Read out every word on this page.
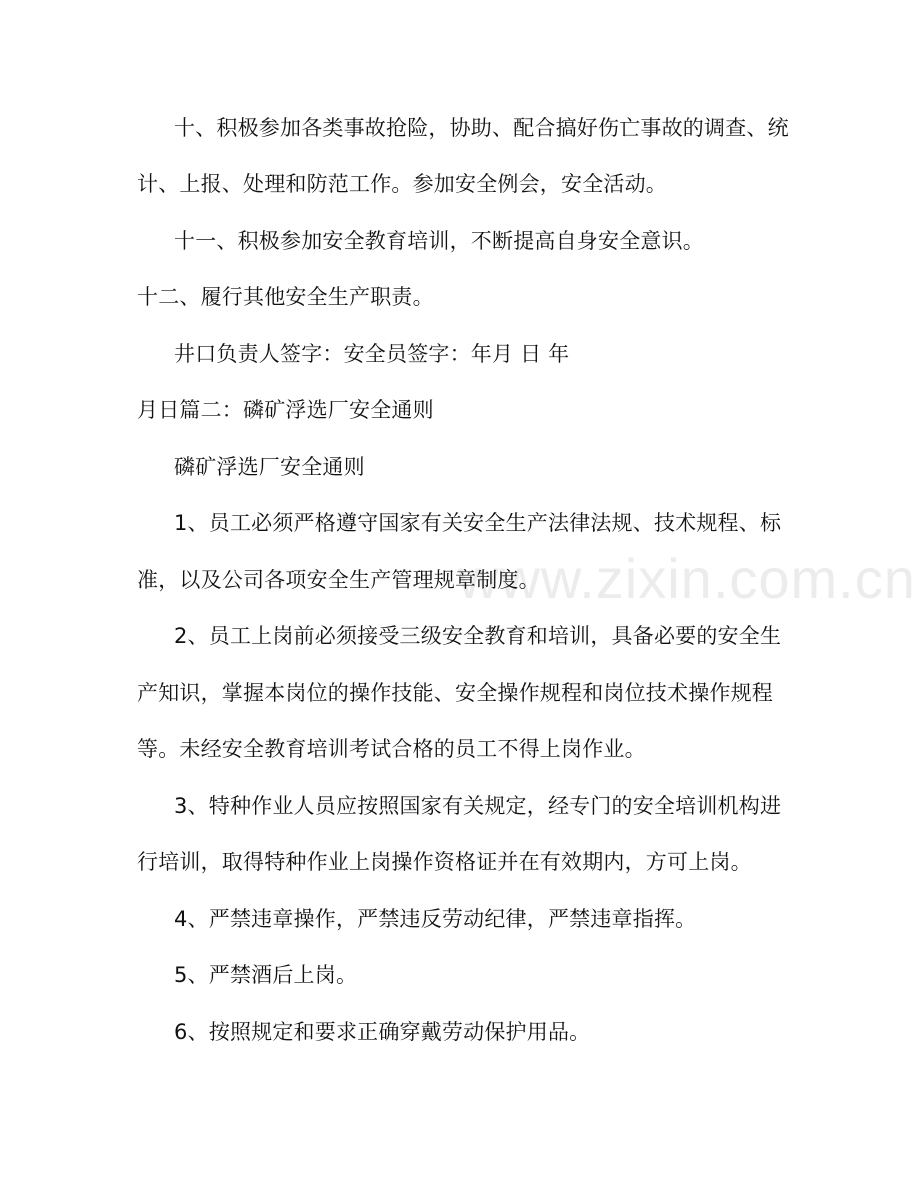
www.zixin.com.cn
十、积极参加各类事故抢险，协助、配合搞好伤亡事故的调查、统
计、上报、处理和防范工作。参加安全例会，安全活动。
十一、积极参加安全教育培训，不断提高自身安全意识。
十二、履行其他安全生产职责。
井口负责人签字：安全员签字：年月 日 年
月日篇二：磷矿浮选厂安全通则
磷矿浮选厂安全通则
1、员工必须严格遵守国家有关安全生产法律法规、技术规程、标
准，以及公司各项安全生产管理规章制度。
2、员工上岗前必须接受三级安全教育和培训，具备必要的安全生
产知识，掌握本岗位的操作技能、安全操作规程和岗位技术操作规程
等。未经安全教育培训考试合格的员工不得上岗作业。
3、特种作业人员应按照国家有关规定，经专门的安全培训机构进
行培训，取得特种作业上岗操作资格证并在有效期内，方可上岗。
4、严禁违章操作，严禁违反劳动纪律，严禁违章指挥。
5、严禁酒后上岗。
6、按照规定和要求正确穿戴劳动保护用品。
